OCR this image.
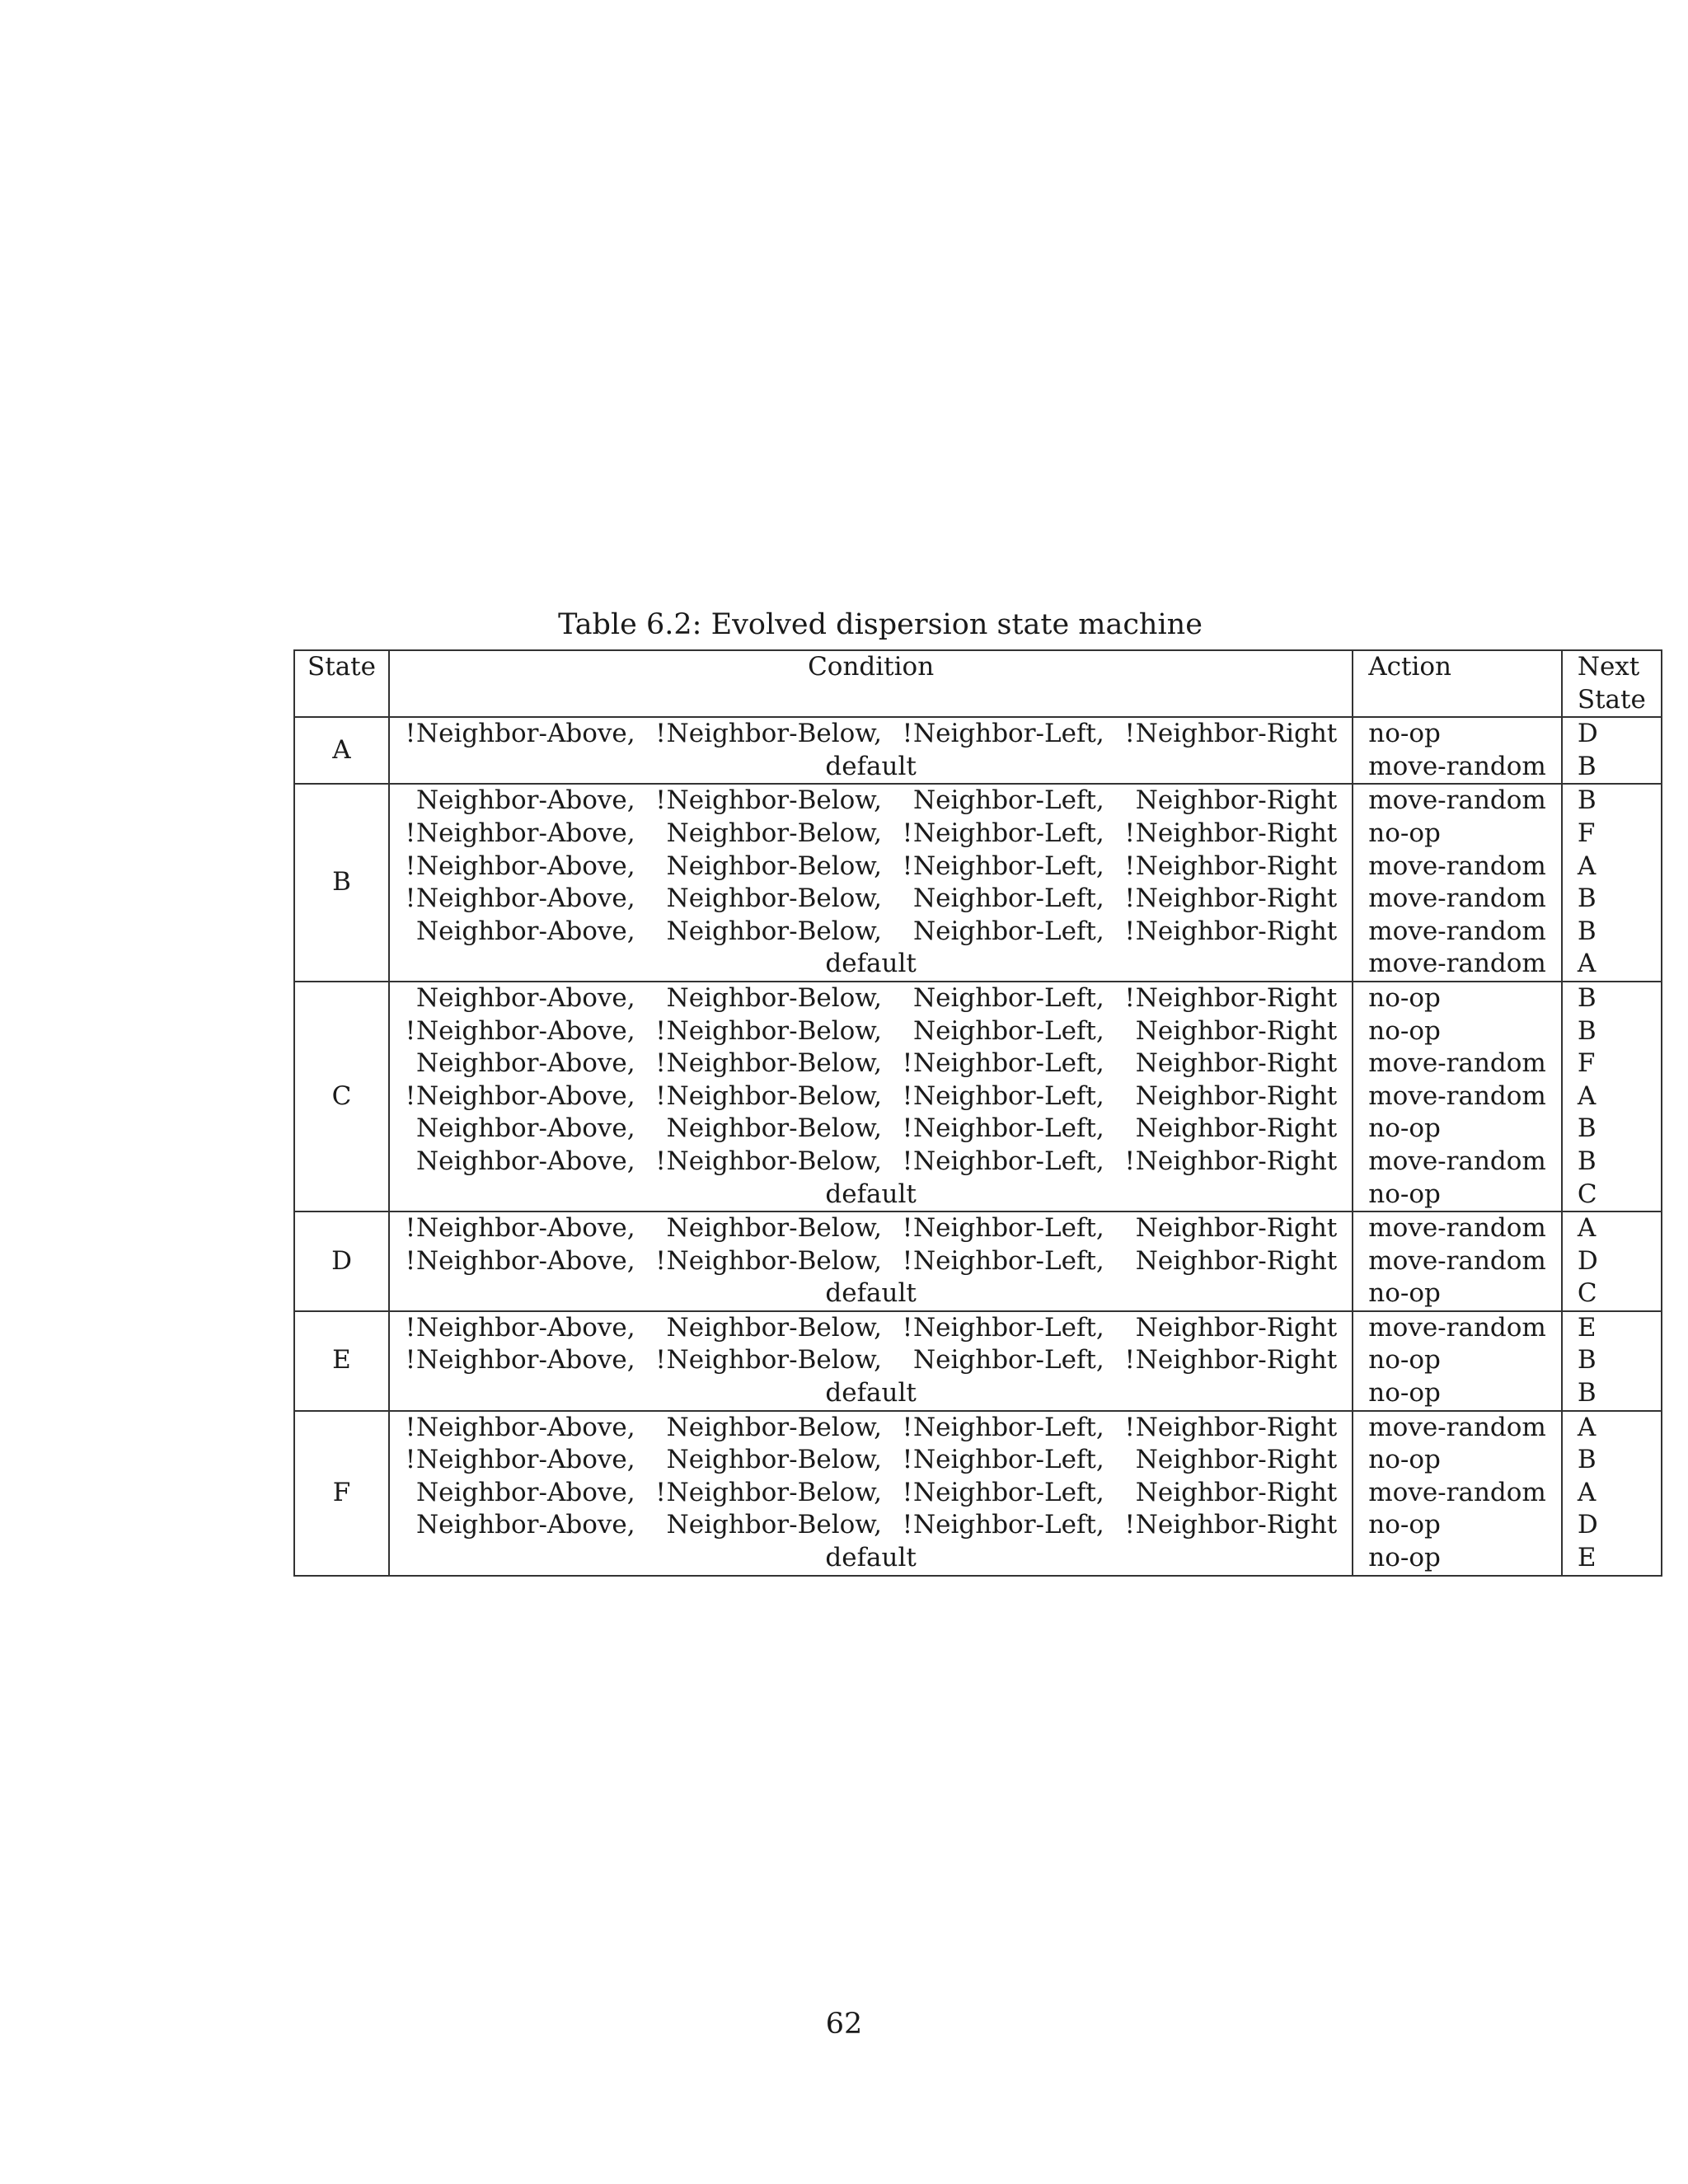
Table 6.2: Evolved dispersion state machine
State	Condition	Action	Next
State
A	!Neighbor-Above, !Neighbor-Below, !Neighbor-Left, !Neighbor-Right	no-op	D
	default	move-random	B
B	Neighbor-Above, !Neighbor-Below, Neighbor-Left, Neighbor-Right	move-random	B
	!Neighbor-Above, Neighbor-Below, !Neighbor-Left, !Neighbor-Right	no-op	F
	!Neighbor-Above, Neighbor-Below, !Neighbor-Left, !Neighbor-Right	move-random	A
	!Neighbor-Above, Neighbor-Below, Neighbor-Left, !Neighbor-Right	move-random	B
	Neighbor-Above, Neighbor-Below, Neighbor-Left, !Neighbor-Right	move-random	B
	default	move-random	A
C	Neighbor-Above, Neighbor-Below, Neighbor-Left, !Neighbor-Right	no-op	B
	!Neighbor-Above, !Neighbor-Below, Neighbor-Left, Neighbor-Right	no-op	B
	Neighbor-Above, !Neighbor-Below, !Neighbor-Left, Neighbor-Right	move-random	F
	!Neighbor-Above, !Neighbor-Below, !Neighbor-Left, Neighbor-Right	move-random	A
	Neighbor-Above, Neighbor-Below, !Neighbor-Left, Neighbor-Right	no-op	B
	Neighbor-Above, !Neighbor-Below, !Neighbor-Left, !Neighbor-Right	move-random	B
	default	no-op	C
D	!Neighbor-Above, Neighbor-Below, !Neighbor-Left, Neighbor-Right	move-random	A
	!Neighbor-Above, !Neighbor-Below, !Neighbor-Left, Neighbor-Right	move-random	D
	default	no-op	C
E	!Neighbor-Above, Neighbor-Below, !Neighbor-Left, Neighbor-Right	move-random	E
	!Neighbor-Above, !Neighbor-Below, Neighbor-Left, !Neighbor-Right	no-op	B
	default	no-op	B
F	!Neighbor-Above, Neighbor-Below, !Neighbor-Left, !Neighbor-Right	move-random	A
	!Neighbor-Above, Neighbor-Below, !Neighbor-Left, Neighbor-Right	no-op	B
	Neighbor-Above, !Neighbor-Below, !Neighbor-Left, Neighbor-Right	move-random	A
	Neighbor-Above, Neighbor-Below, !Neighbor-Left, !Neighbor-Right	no-op	D
	default	no-op	E
62
